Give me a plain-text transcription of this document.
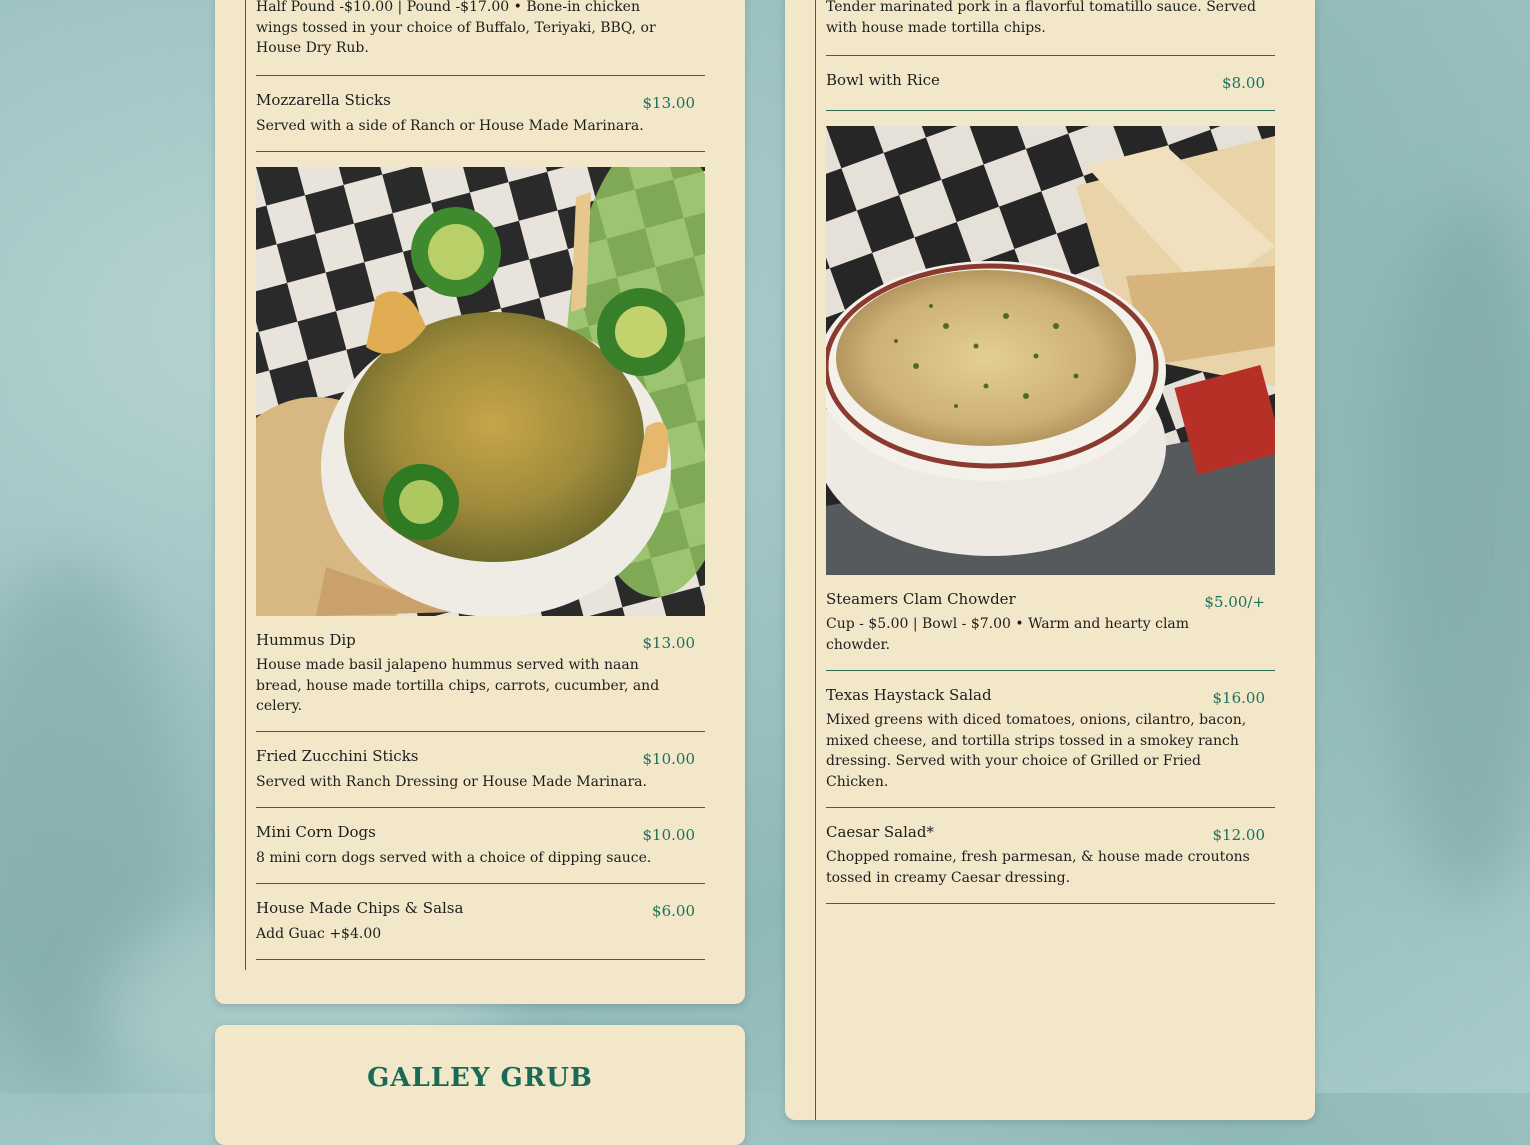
Half Pound -$10.00 | Pound -$17.00 • Bone-in chicken wings tossed in your choice of Buffalo, Teriyaki, BBQ, or House Dry Rub.
Mozzarella Sticks	$13.00
Served with a side of Ranch or House Made Marinara.
Hummus Dip	$13.00
House made basil jalapeno hummus served with naan bread, house made tortilla chips, carrots, cucumber, and celery.
Fried Zucchini Sticks	$10.00
Served with Ranch Dressing or House Made Marinara.
Mini Corn Dogs	$10.00
8 mini corn dogs served with a choice of dipping sauce.
House Made Chips & Salsa	$6.00
Add Guac +$4.00
GALLEY GRUB
Tender marinated pork in a flavorful tomatillo sauce. Served with house made tortilla chips.
Bowl with Rice	$8.00
Steamers Clam Chowder	$5.00/+
Cup - $5.00 | Bowl - $7.00 • Warm and hearty clam chowder.
Texas Haystack Salad	$16.00
Mixed greens with diced tomatoes, onions, cilantro, bacon, mixed cheese, and tortilla strips tossed in a smokey ranch dressing. Served with your choice of Grilled or Fried Chicken.
Caesar Salad*	$12.00
Chopped romaine, fresh parmesan, & house made croutons tossed in creamy Caesar dressing.
